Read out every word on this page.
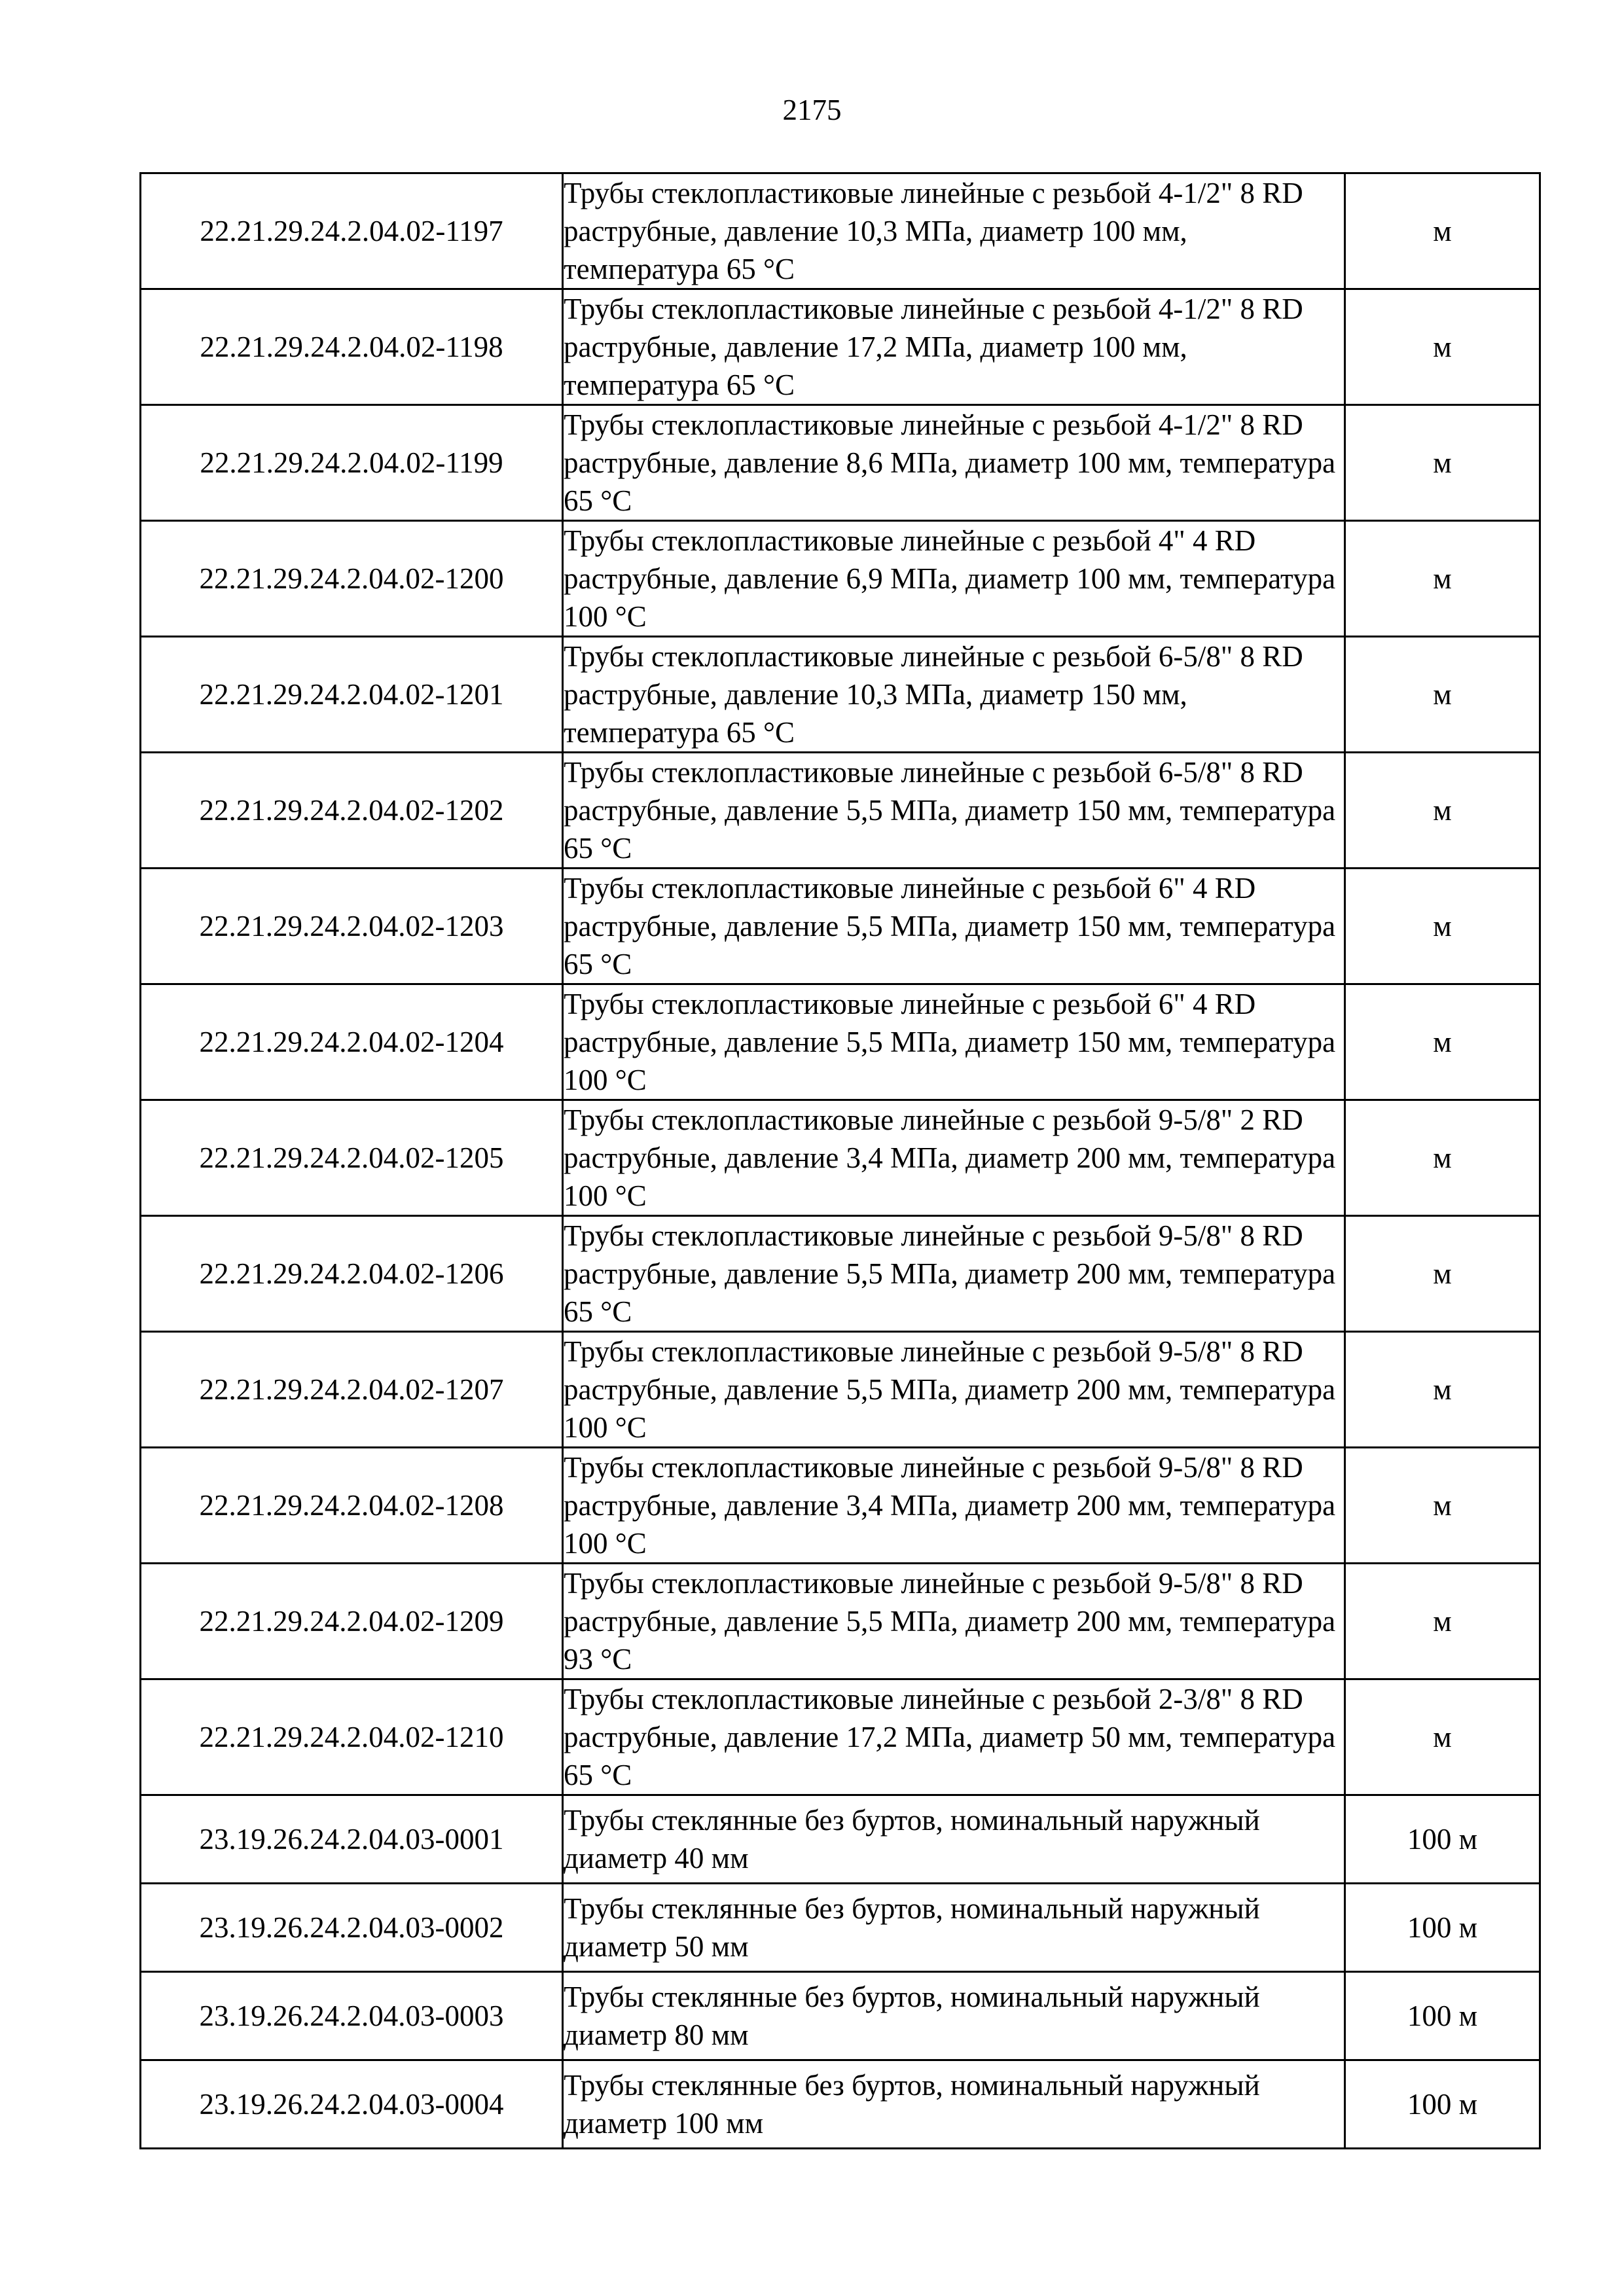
2175
22.21.29.24.2.04.02-1197	Трубы стеклопластиковые линейные с резьбой 4-1/2" 8 RD раструбные, давление 10,3 МПа, диаметр 100 мм, температура 65 °С	м
22.21.29.24.2.04.02-1198	Трубы стеклопластиковые линейные с резьбой 4-1/2" 8 RD раструбные, давление 17,2 МПа, диаметр 100 мм, температура 65 °С	м
22.21.29.24.2.04.02-1199	Трубы стеклопластиковые линейные с резьбой 4-1/2" 8 RD раструбные, давление 8,6 МПа, диаметр 100 мм, температура 65 °С	м
22.21.29.24.2.04.02-1200	Трубы стеклопластиковые линейные с резьбой 4" 4 RD раструбные, давление 6,9 МПа, диаметр 100 мм, температура 100 °С	м
22.21.29.24.2.04.02-1201	Трубы стеклопластиковые линейные с резьбой 6-5/8" 8 RD раструбные, давление 10,3 МПа, диаметр 150 мм, температура 65 °С	м
22.21.29.24.2.04.02-1202	Трубы стеклопластиковые линейные с резьбой 6-5/8" 8 RD раструбные, давление 5,5 МПа, диаметр 150 мм, температура 65 °С	м
22.21.29.24.2.04.02-1203	Трубы стеклопластиковые линейные с резьбой 6" 4 RD раструбные, давление 5,5 МПа, диаметр 150 мм, температура 65 °С	м
22.21.29.24.2.04.02-1204	Трубы стеклопластиковые линейные с резьбой 6" 4 RD раструбные, давление 5,5 МПа, диаметр 150 мм, температура 100 °С	м
22.21.29.24.2.04.02-1205	Трубы стеклопластиковые линейные с резьбой 9-5/8" 2 RD раструбные, давление 3,4 МПа, диаметр 200 мм, температура 100 °С	м
22.21.29.24.2.04.02-1206	Трубы стеклопластиковые линейные с резьбой 9-5/8" 8 RD раструбные, давление 5,5 МПа, диаметр 200 мм, температура 65 °С	м
22.21.29.24.2.04.02-1207	Трубы стеклопластиковые линейные с резьбой 9-5/8" 8 RD раструбные, давление 5,5 МПа, диаметр 200 мм, температура 100 °С	м
22.21.29.24.2.04.02-1208	Трубы стеклопластиковые линейные с резьбой 9-5/8" 8 RD раструбные, давление 3,4 МПа, диаметр 200 мм, температура 100 °С	м
22.21.29.24.2.04.02-1209	Трубы стеклопластиковые линейные с резьбой 9-5/8" 8 RD раструбные, давление 5,5 МПа, диаметр 200 мм, температура 93 °С	м
22.21.29.24.2.04.02-1210	Трубы стеклопластиковые линейные с резьбой 2-3/8" 8 RD раструбные, давление 17,2 МПа, диаметр 50 мм, температура 65 °С	м
23.19.26.24.2.04.03-0001	Трубы стеклянные без буртов, номинальный наружный диаметр 40 мм	100 м
23.19.26.24.2.04.03-0002	Трубы стеклянные без буртов, номинальный наружный диаметр 50 мм	100 м
23.19.26.24.2.04.03-0003	Трубы стеклянные без буртов, номинальный наружный диаметр 80 мм	100 м
23.19.26.24.2.04.03-0004	Трубы стеклянные без буртов, номинальный наружный диаметр 100 мм	100 м
